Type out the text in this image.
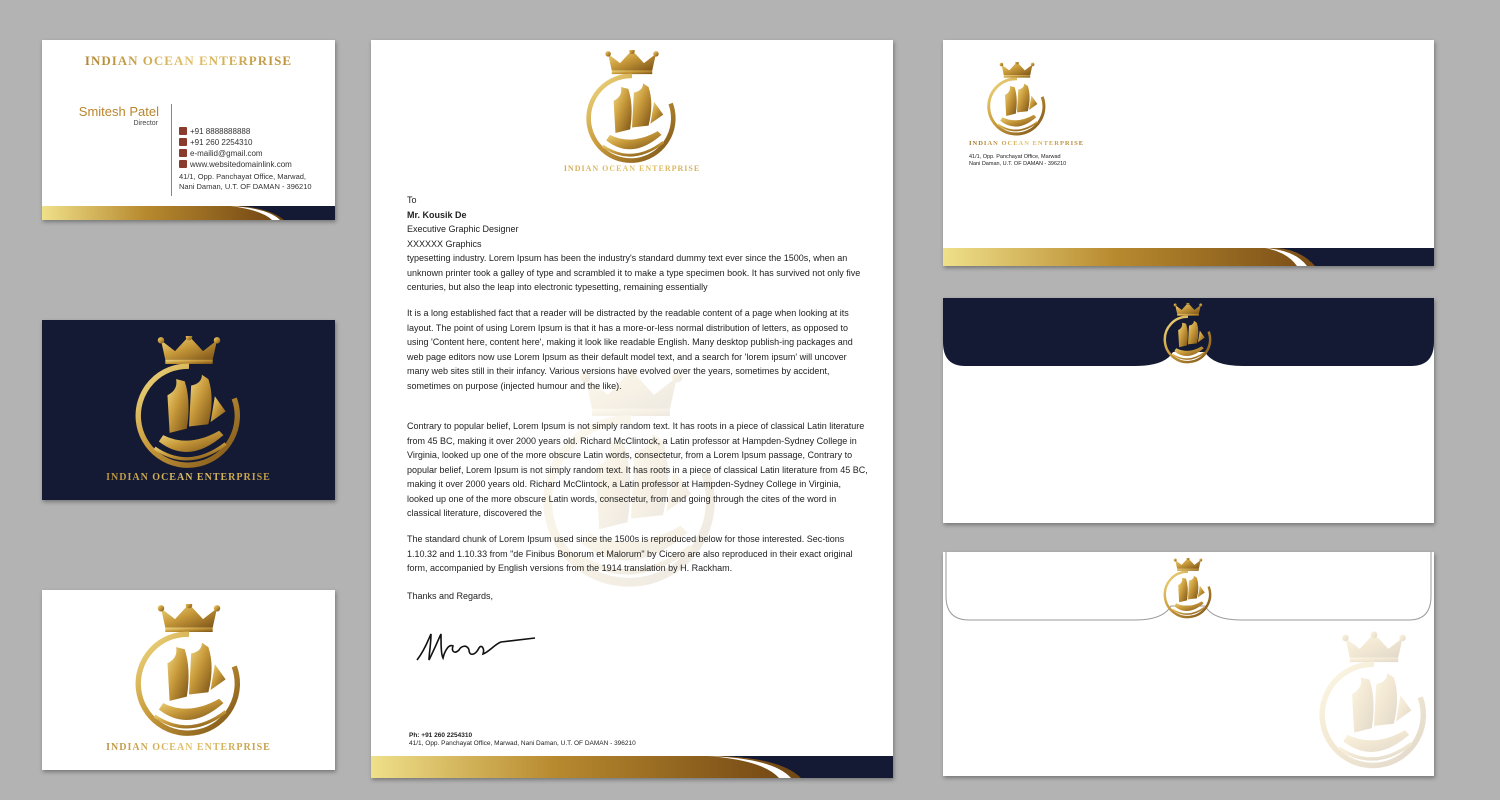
INDIAN OCEAN ENTERPRISE
Smitesh Patel
Director
+91 8888888888
+91 260 2254310
e-mailid@gmail.com
www.websitedomainlink.com
41/1, Opp. Panchayat Office, Marwad,
Nani Daman, U.T. OF DAMAN - 396210
INDIAN OCEAN ENTERPRISE
INDIAN OCEAN ENTERPRISE
INDIAN OCEAN ENTERPRISE
To
Mr. Kousik De
Executive Graphic Designer
XXXXXX Graphics
typesetting industry. Lorem Ipsum has been the industry's standard dummy text ever since the 1500s, when an unknown printer took a galley of type and scrambled it to make a type specimen book. It has survived not only five centuries, but also the leap into electronic typesetting, remaining essentially
It is a long established fact that a reader will be distracted by the readable content of a page when looking at its layout. The point of using Lorem Ipsum is that it has a more-or-less normal distribution of letters, as opposed to using 'Content here, content here', making it look like readable English. Many desktop publish-ing packages and web page editors now use Lorem Ipsum as their default model text, and a search for 'lorem ipsum' will uncover many web sites still in their infancy. Various versions have evolved over the years, sometimes by accident, sometimes on purpose (injected humour and the like).
Contrary to popular belief, Lorem Ipsum is not simply random text. It has roots in a piece of classical Latin literature from 45 BC, making it over 2000 years old. Richard McClintock, a Latin professor at Hampden-Sydney College in Virginia, looked up one of the more obscure Latin words, consectetur, from a Lorem Ipsum passage, Contrary to popular belief, Lorem Ipsum is not simply random text. It has roots in a piece of classical Latin literature from 45 BC, making it over 2000 years old. Richard McClintock, a Latin professor at Hampden-Sydney College in Virginia, looked up one of the more obscure Latin words, consectetur, from and going through the cites of the word in classical literature, discovered the
The standard chunk of Lorem Ipsum used since the 1500s is reproduced below for those interested. Sec-tions 1.10.32 and 1.10.33 from "de Finibus Bonorum et Malorum" by Cicero are also reproduced in their exact original form, accompanied by English versions from the 1914 translation by H. Rackham.
Thanks and Regards,
Ph: +91 260 2254310
41/1, Opp. Panchayat Office, Marwad, Nani Daman, U.T. OF DAMAN - 396210
INDIAN OCEAN ENTERPRISE
41/1, Opp. Panchayat Office, Marwad
Nani Daman, U.T. OF DAMAN - 396210
